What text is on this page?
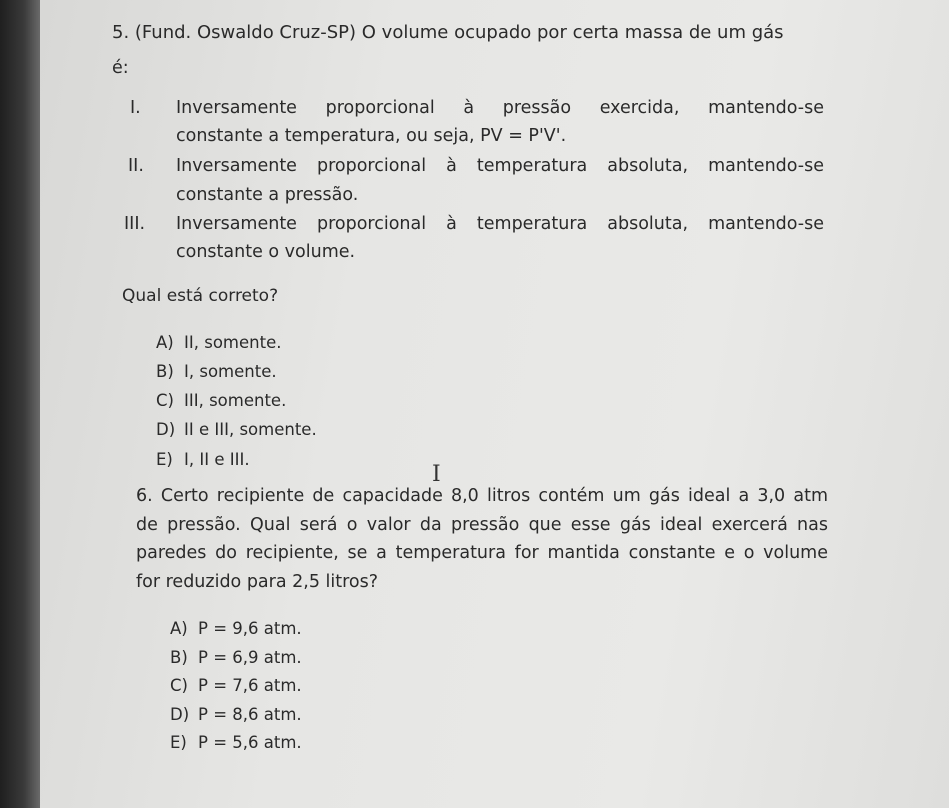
5. (Fund. Oswaldo Cruz-SP) O volume ocupado por certa massa de um gás
é:
I. Inversamente proporcional à pressão exercida, mantendo-se
constante a temperatura, ou seja, PV = P'V'.
II. Inversamente proporcional à temperatura absoluta, mantendo-se
constante a pressão.
III. Inversamente proporcional à temperatura absoluta, mantendo-se
constante o volume.
Qual está correto?
A) II, somente.
B) I, somente.
C) III, somente.
D) II e III, somente.
E) I, II e III.
I
6. Certo recipiente de capacidade 8,0 litros contém um gás ideal a 3,0 atm
de pressão. Qual será o valor da pressão que esse gás ideal exercerá nas
paredes do recipiente, se a temperatura for mantida constante e o volume
for reduzido para 2,5 litros?
A) P = 9,6 atm.
B) P = 6,9 atm.
C) P = 7,6 atm.
D) P = 8,6 atm.
E) P = 5,6 atm.
